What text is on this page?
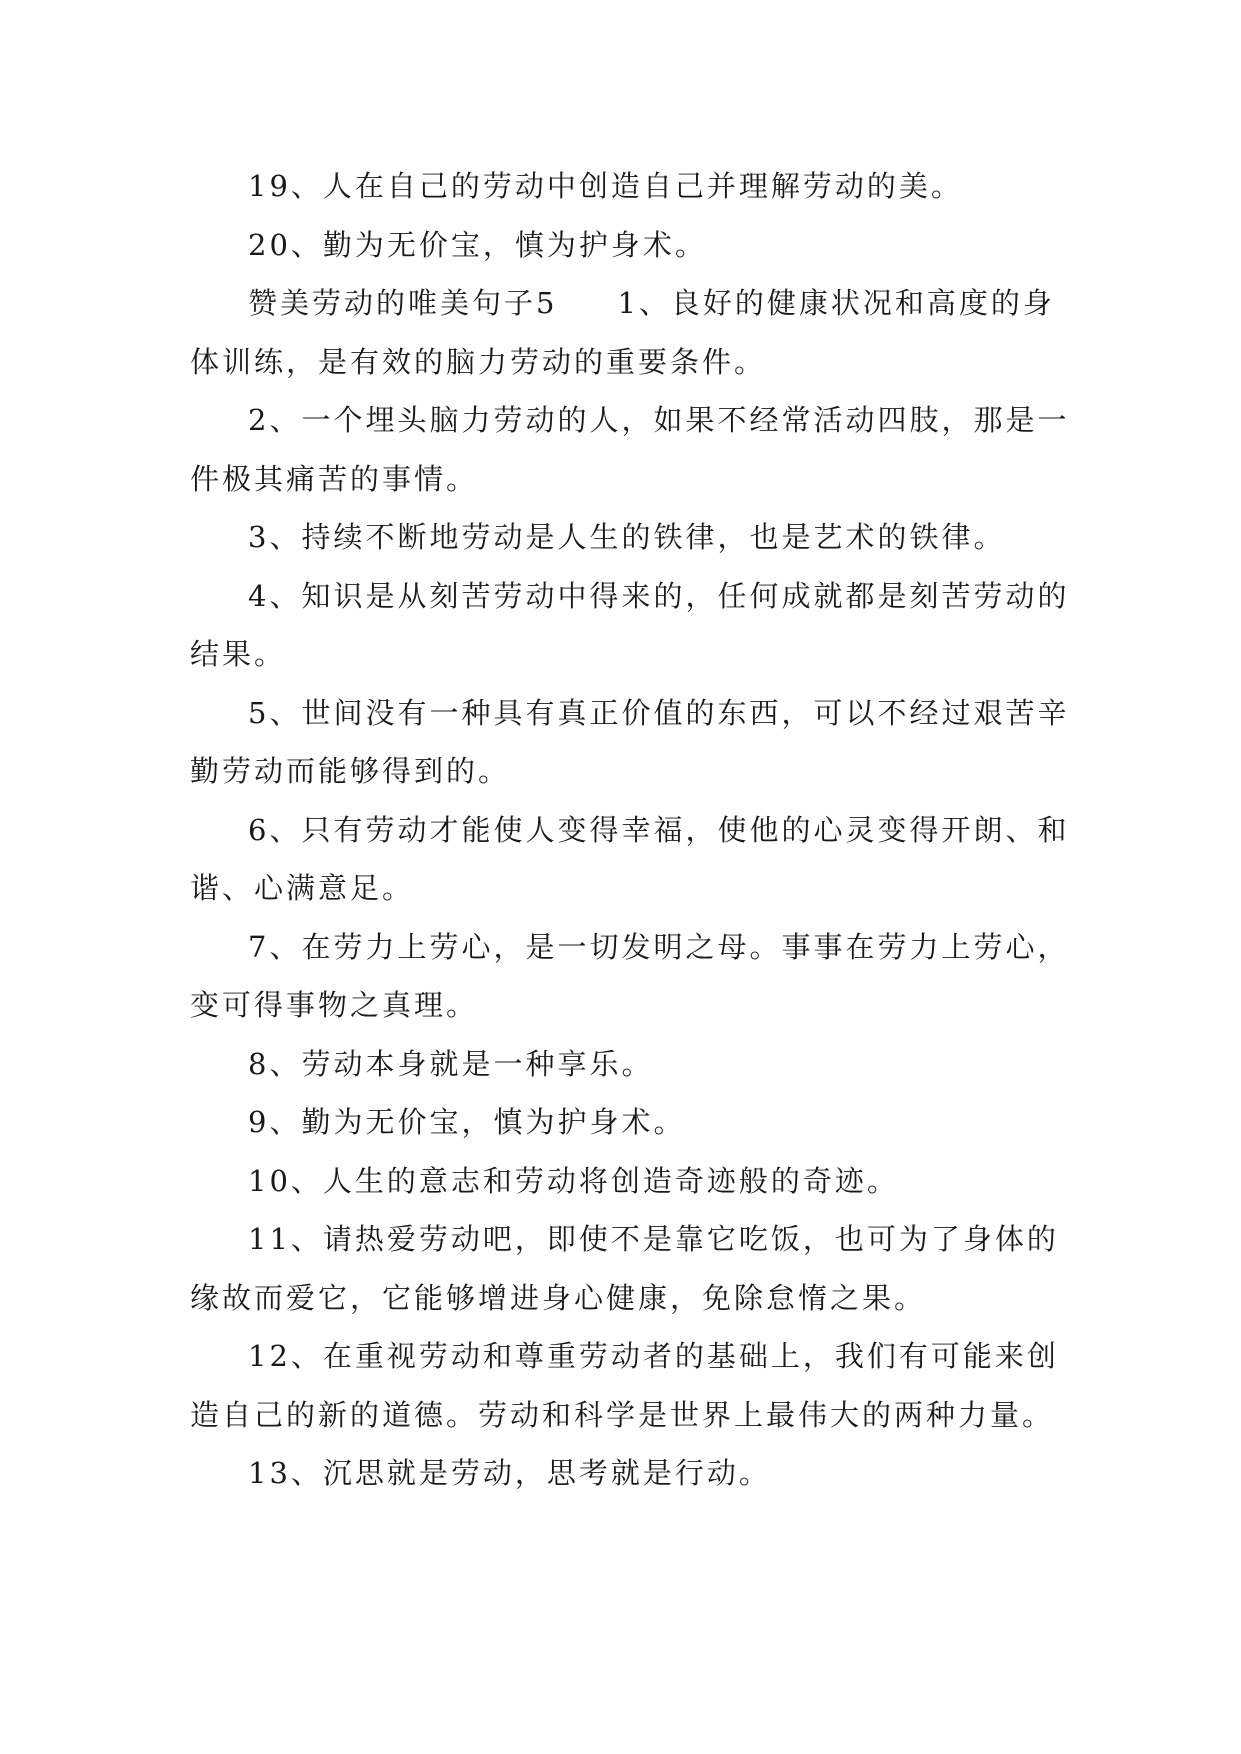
19、人在自己的劳动中创造自己并理解劳动的美。

20、勤为无价宝，慎为护身术。

赞美劳动的唯美句子5 1、良好的健康状况和高度的身体训练，是有效的脑力劳动的重要条件。

2、一个埋头脑力劳动的人，如果不经常活动四肢，那是一件极其痛苦的事情。

3、持续不断地劳动是人生的铁律，也是艺术的铁律。

4、知识是从刻苦劳动中得来的，任何成就都是刻苦劳动的结果。

5、世间没有一种具有真正价值的东西，可以不经过艰苦辛勤劳动而能够得到的。

6、只有劳动才能使人变得幸福，使他的心灵变得开朗、和谐、心满意足。

7、在劳力上劳心，是一切发明之母。事事在劳力上劳心，变可得事物之真理。

8、劳动本身就是一种享乐。

9、勤为无价宝，慎为护身术。

10、人生的意志和劳动将创造奇迹般的奇迹。

11、请热爱劳动吧，即使不是靠它吃饭，也可为了身体的缘故而爱它，它能够增进身心健康，免除怠惰之果。

12、在重视劳动和尊重劳动者的基础上，我们有可能来创造自己的新的道德。劳动和科学是世界上最伟大的两种力量。

13、沉思就是劳动，思考就是行动。
